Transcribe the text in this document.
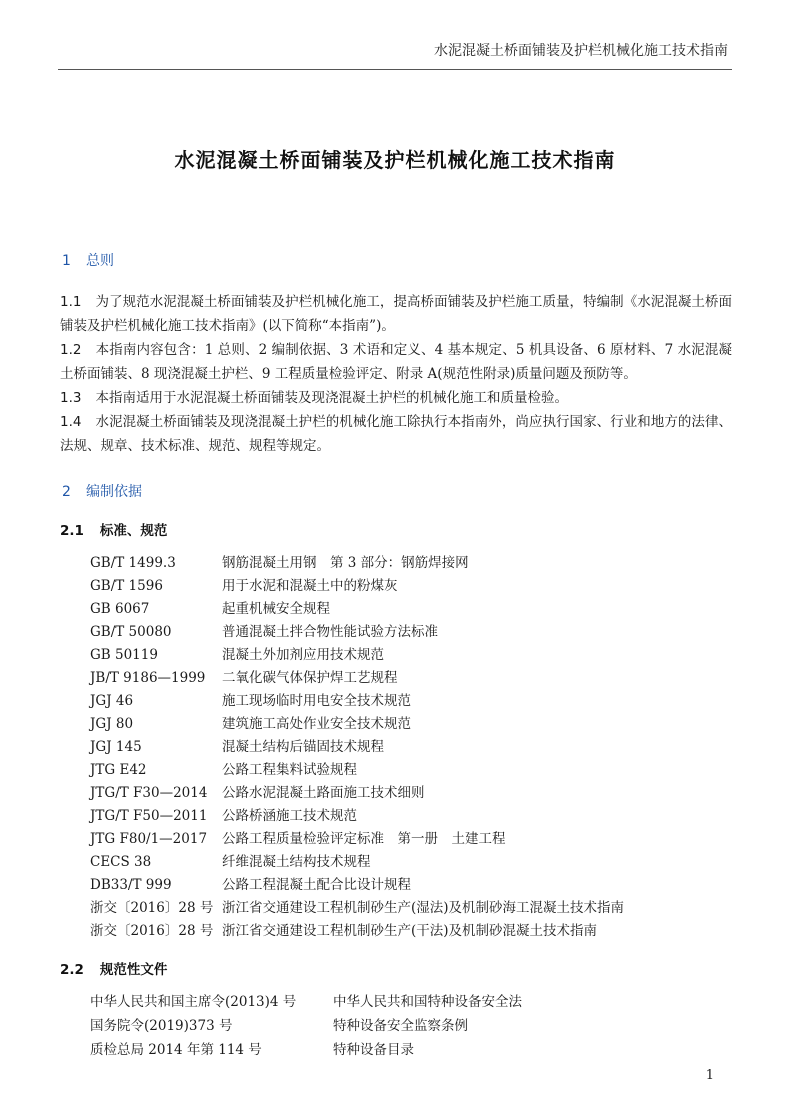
水泥混凝土桥面铺装及护栏机械化施工技术指南
水泥混凝土桥面铺装及护栏机械化施工技术指南
1 总则

1.1 为了规范水泥混凝土桥面铺装及护栏机械化施工，提高桥面铺装及护栏施工质量，特编制《水泥混凝土桥面铺装及护栏机械化施工技术指南》(以下简称“本指南”)。

1.2 本指南内容包含：1 总则、2 编制依据、3 术语和定义、4 基本规定、5 机具设备、6 原材料、7 水泥混凝土桥面铺装、8 现浇混凝土护栏、9 工程质量检验评定、附录 A(规范性附录)质量问题及预防等。

1.3 本指南适用于水泥混凝土桥面铺装及现浇混凝土护栏的机械化施工和质量检验。

1.4 水泥混凝土桥面铺装及现浇混凝土护栏的机械化施工除执行本指南外，尚应执行国家、行业和地方的法律、法规、规章、技术标准、规范、规程等规定。

2 编制依据
2.1 标准、规范
GB/T 1499.3	钢筋混凝土用钢　第 3 部分：钢筋焊接网
GB/T 1596	用于水泥和混凝土中的粉煤灰
GB 6067	起重机械安全规程
GB/T 50080	普通混凝土拌合物性能试验方法标准
GB 50119	混凝土外加剂应用技术规范
JB/T 9186—1999 二氧化碳气体保护焊工艺规程
JGJ 46	施工现场临时用电安全技术规范
JGJ 80	建筑施工高处作业安全技术规范
JGJ 145	混凝土结构后锚固技术规程
JTG E42	公路工程集料试验规程
JTG/T F30—2014 公路水泥混凝土路面施工技术细则
JTG/T F50—2011 公路桥涵施工技术规范
JTG F80/1—2017 公路工程质量检验评定标准　第一册　土建工程
CECS 38	纤维混凝土结构技术规程
DB33/T 999	公路工程混凝土配合比设计规程
浙交〔2016〕28 号 浙江省交通建设工程机制砂生产(湿法)及机制砂海工混凝土技术指南
浙交〔2016〕28 号 浙江省交通建设工程机制砂生产(干法)及机制砂混凝土技术指南
2.2 规范性文件
中华人民共和国主席令(2013)4 号	中华人民共和国特种设备安全法
国务院令(2019)373 号	特种设备安全监察条例
质检总局 2014 年第 114 号	特种设备目录
1
